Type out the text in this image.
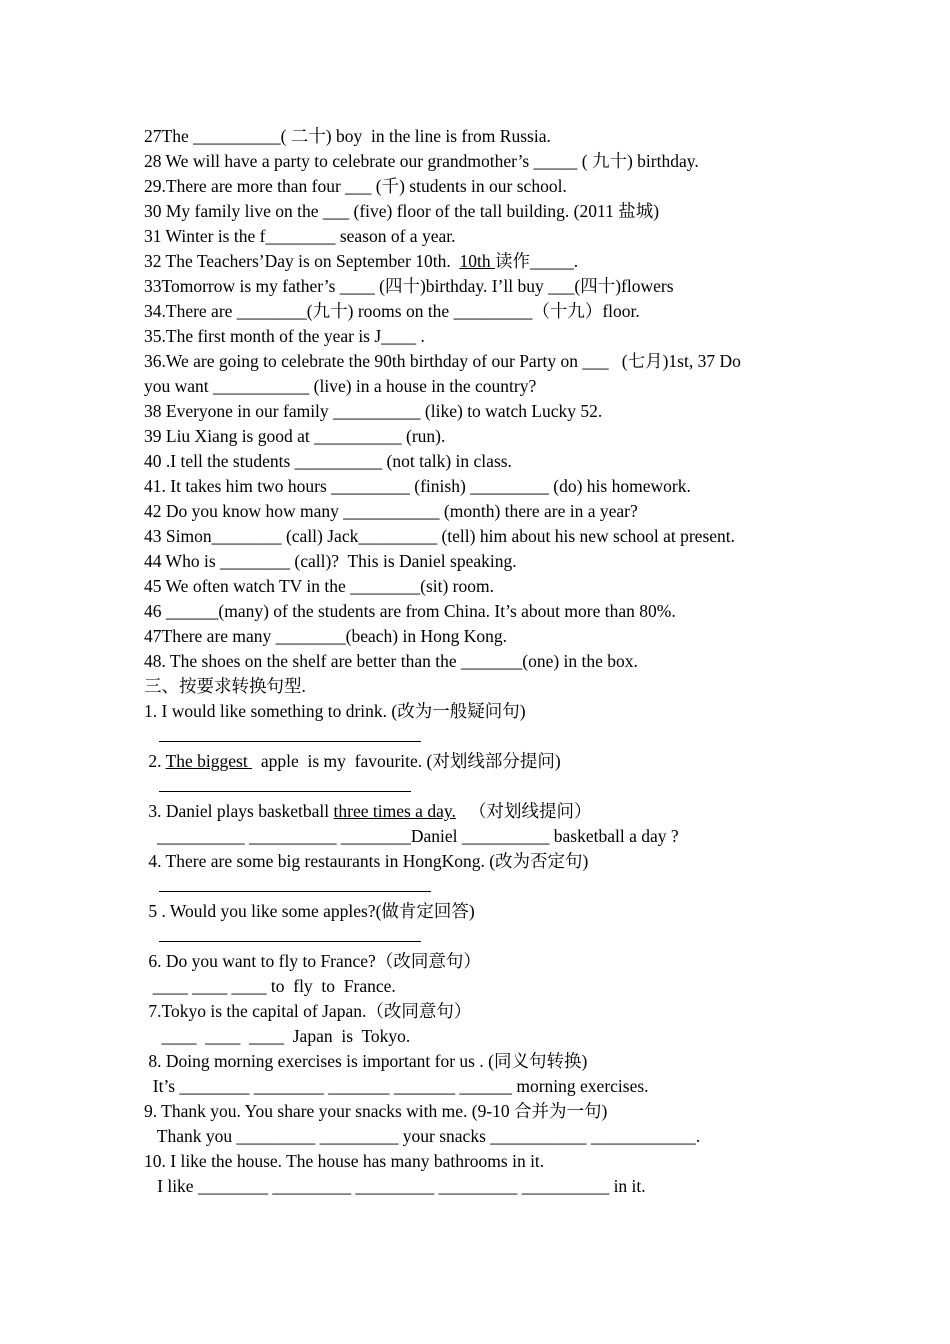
27The __________( 二十) boy  in the line is from Russia.
28 We will have a party to celebrate our grandmother’s _____ ( 九十) birthday.
29.There are more than four ___ (千) students in our school.
30 My family live on the ___ (five) floor of the tall building. (2011 盐城)
31 Winter is the f________ season of a year.
32 The Teachers’Day is on September 10th.  10th 读作_____.
33Tomorrow is my father’s ____ (四十)birthday. I’ll buy ___(四十)flowers
34.There are ________(九十) rooms on the _________（十九）floor.
35.The first month of the year is J____ .
36.We are going to celebrate the 90th birthday of our Party on ___   (七月)1st, 37 Do
you want ___________ (live) in a house in the country?
38 Everyone in our family __________ (like) to watch Lucky 52.
39 Liu Xiang is good at __________ (run).
40 .I tell the students __________ (not talk) in class.
41. It takes him two hours _________ (finish) _________ (do) his homework.
42 Do you know how many ___________ (month) there are in a year?
43 Simon________ (call) Jack_________ (tell) him about his new school at present.
44 Who is ________ (call)?  This is Daniel speaking.
45 We often watch TV in the ________(sit) room.
46 ______(many) of the students are from China. It’s about more than 80%.
47There are many ________(beach) in Hong Kong.
48. The shoes on the shelf are better than the _______(one) in the box.
三、按要求转换句型.
1. I would like something to drink. (改为一般疑问句)
2. The biggest   apple  is my  favourite. (对划线部分提问)
3. Daniel plays basketball three times a day.   （对划线提问）
__________ __________ ________Daniel __________ basketball a day ?
4. There are some big restaurants in HongKong. (改为否定句)
5 . Would you like some apples?(做肯定回答)
6. Do you want to fly to France?（改同意句）
____ ____ ____ to  fly  to  France.
7.Tokyo is the capital of Japan.（改同意句）
____  ____  ____  Japan  is  Tokyo.
8. Doing morning exercises is important for us . (同义句转换)
It’s ________ ________ _______ _______ ______ morning exercises.
9. Thank you. You share your snacks with me. (9-10 合并为一句)
Thank you _________ _________ your snacks ___________ ____________.
10. I like the house. The house has many bathrooms in it.
I like ________ _________ _________ _________ __________ in it.
